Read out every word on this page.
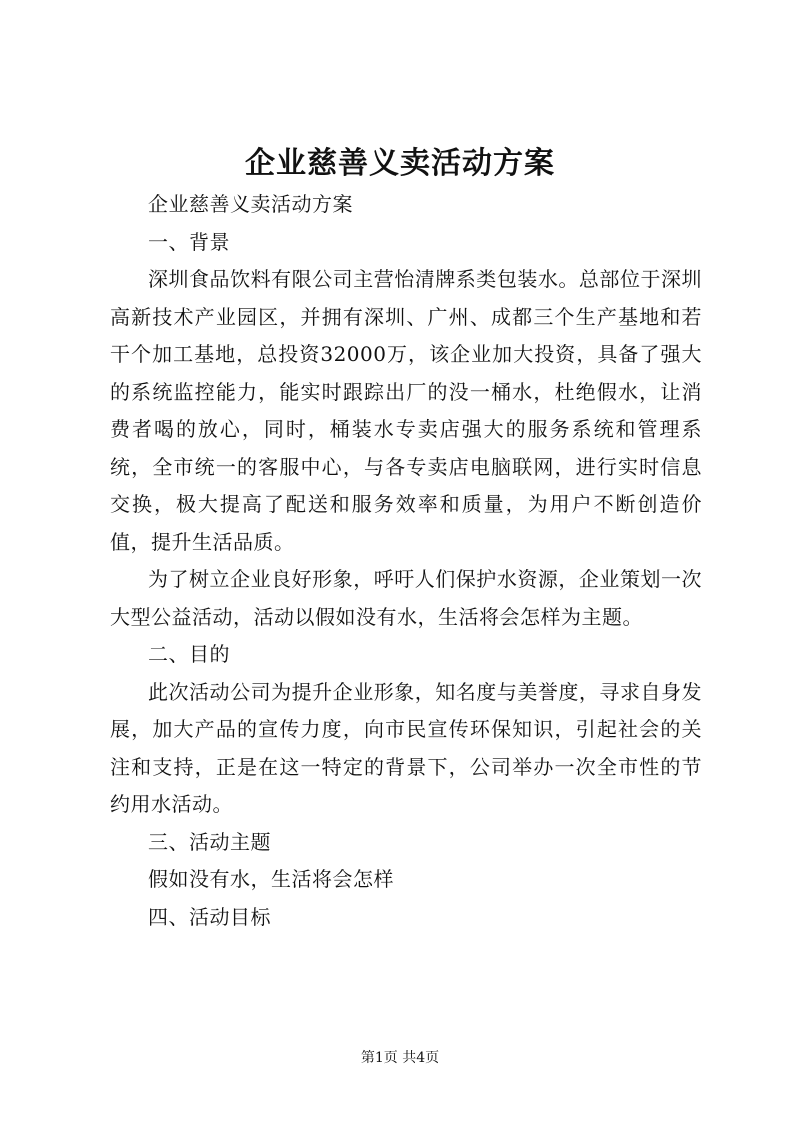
企业慈善义卖活动方案

企业慈善义卖活动方案

一、背景

深圳食品饮料有限公司主营怡清牌系类包装水。总部位于深圳高新技术产业园区，并拥有深圳、广州、成都三个生产基地和若干个加工基地，总投资32000万，该企业加大投资，具备了强大的系统监控能力，能实时跟踪出厂的没一桶水，杜绝假水，让消费者喝的放心，同时，桶装水专卖店强大的服务系统和管理系统，全市统一的客服中心，与各专卖店电脑联网，进行实时信息交换，极大提高了配送和服务效率和质量，为用户不断创造价值，提升生活品质。

为了树立企业良好形象，呼吁人们保护水资源，企业策划一次大型公益活动，活动以假如没有水，生活将会怎样为主题。

二、目的

此次活动公司为提升企业形象，知名度与美誉度，寻求自身发展，加大产品的宣传力度，向市民宣传环保知识，引起社会的关注和支持，正是在这一特定的背景下，公司举办一次全市性的节约用水活动。

三、活动主题

假如没有水，生活将会怎样

四、活动目标

第1页 共4页
